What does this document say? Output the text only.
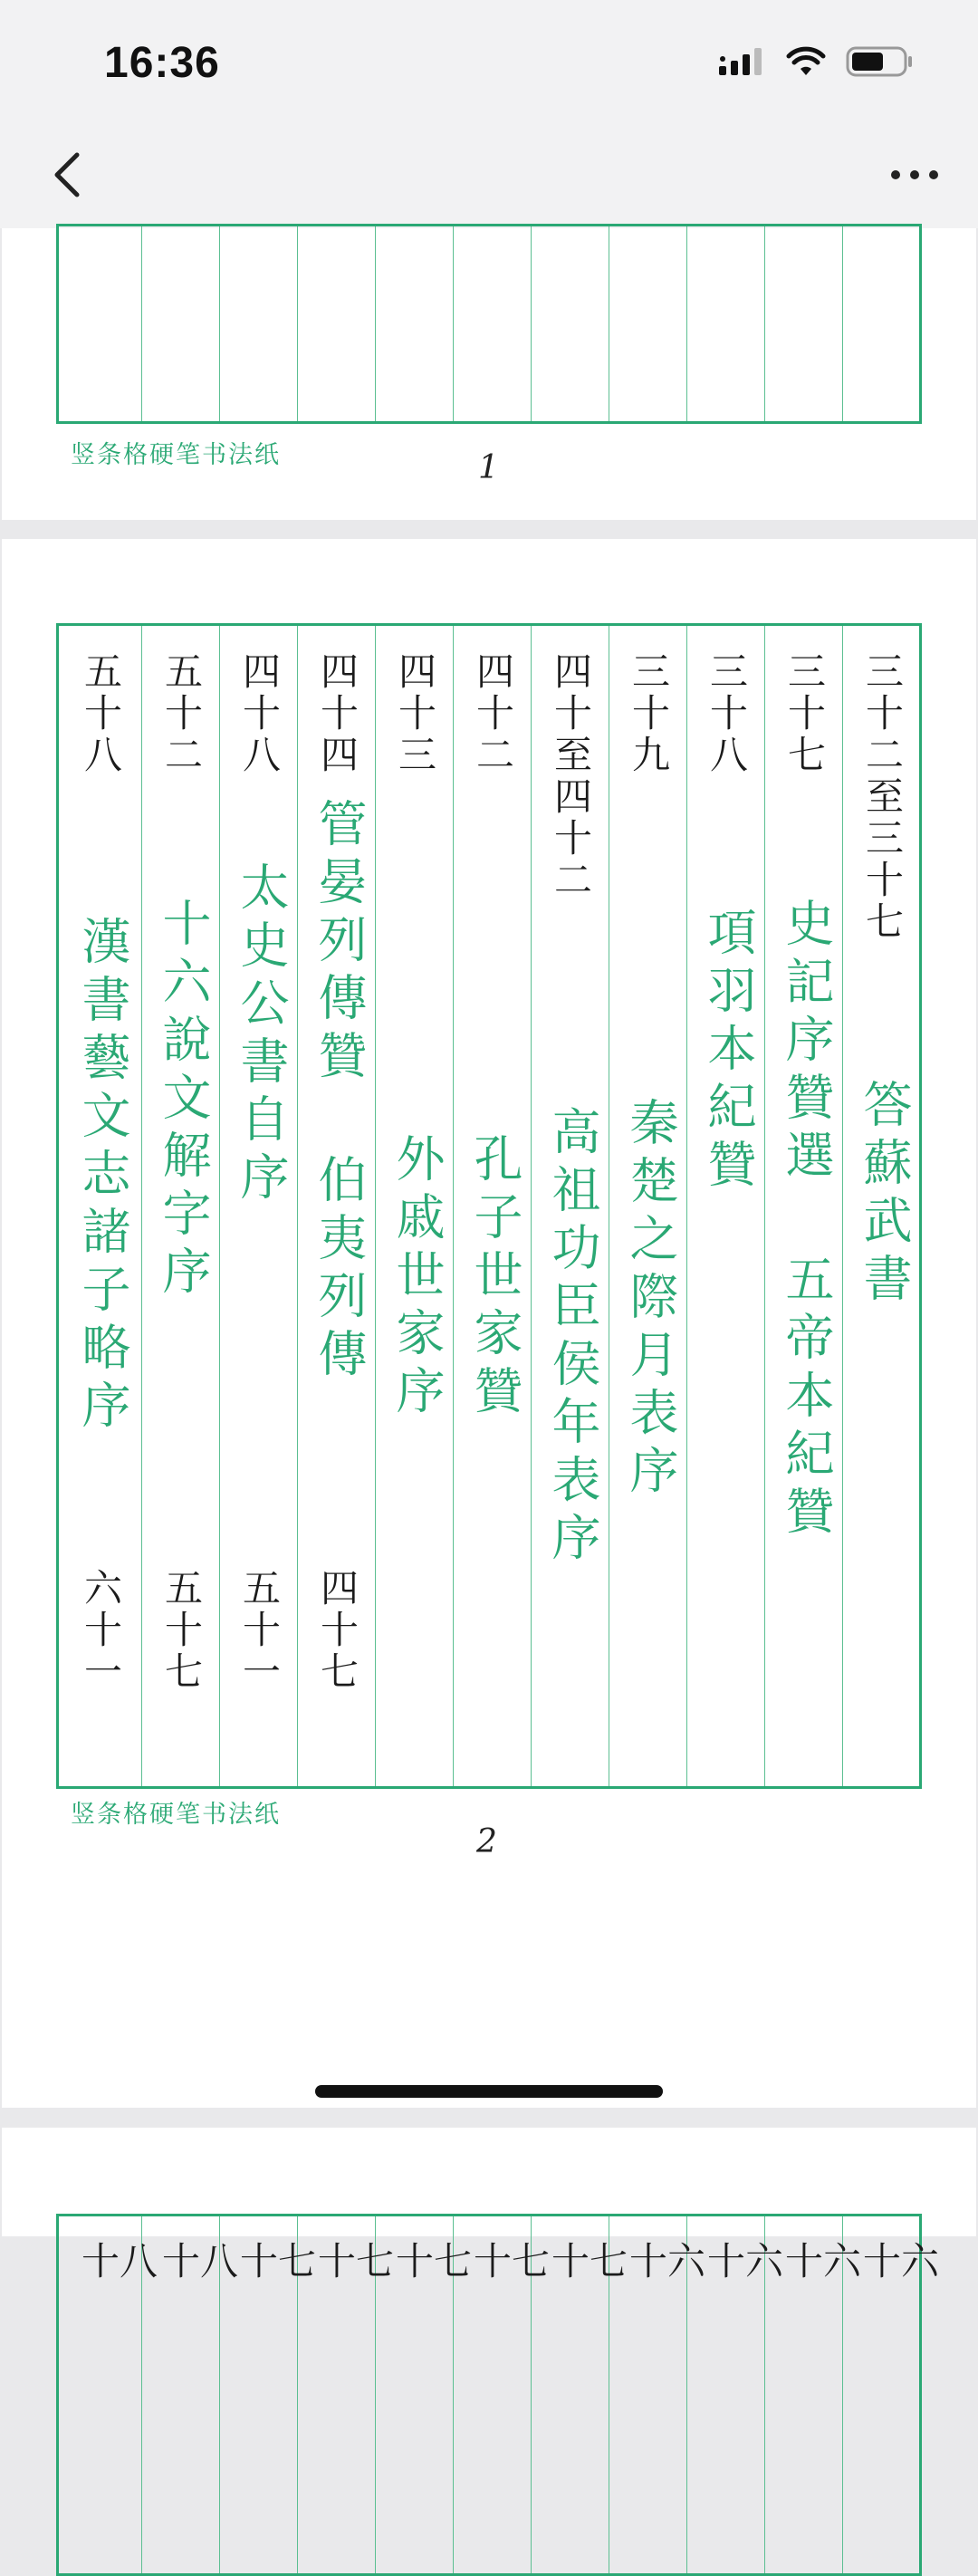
16:36
竖条格硬笔书法纸	1
三十二至三十七
答蘇武書
三十七
史記序贊選 五帝本紀贊
三十八
項羽本紀贊
三十九
秦楚之際月表序
四十至四十二
高祖功臣侯年表序
四十二
孔子世家贊
四十三
外戚世家序
四十四
管晏列傳贊 伯夷列傳
四十七
四十八
太史公書自序
五十一
五十二
十六說文解字序
五十七
五十八
漢書藝文志諸子略序
六十一
竖条格硬笔书法纸
2
六十
六十
六十
六十
七十
七十
七十
七十
七十
八十
八十
